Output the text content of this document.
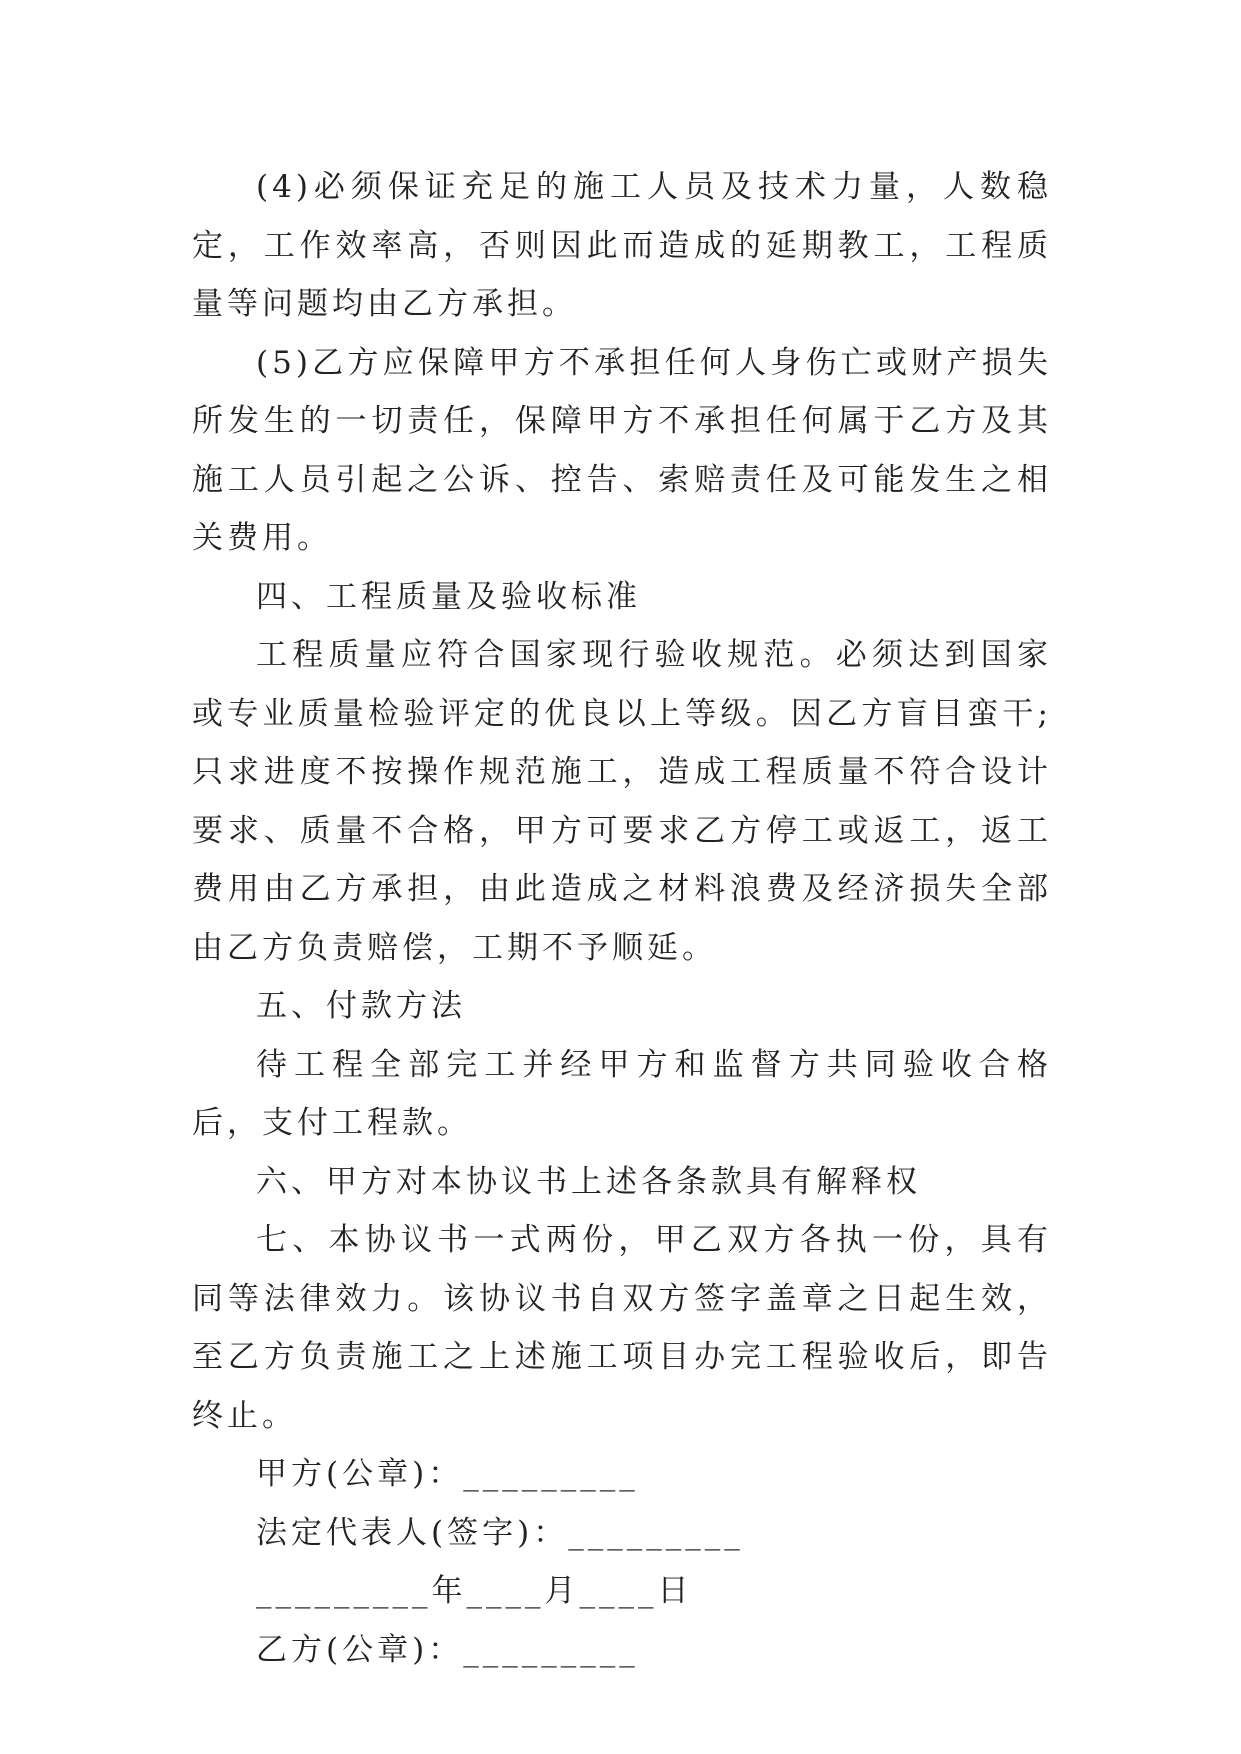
(4)必须保证充足的施工人员及技术力量，人数稳定，工作效率高，否则因此而造成的延期教工，工程质量等问题均由乙方承担。

(5)乙方应保障甲方不承担任何人身伤亡或财产损失所发生的一切责任，保障甲方不承担任何属于乙方及其施工人员引起之公诉、控告、索赔责任及可能发生之相关费用。

四、工程质量及验收标准

工程质量应符合国家现行验收规范。必须达到国家或专业质量检验评定的优良以上等级。因乙方盲目蛮干;只求进度不按操作规范施工，造成工程质量不符合设计要求、质量不合格，甲方可要求乙方停工或返工，返工费用由乙方承担，由此造成之材料浪费及经济损失全部由乙方负责赔偿，工期不予顺延。

五、付款方法

待工程全部完工并经甲方和监督方共同验收合格后，支付工程款。

六、甲方对本协议书上述各条款具有解释权

七、本协议书一式两份，甲乙双方各执一份，具有同等法律效力。该协议书自双方签字盖章之日起生效，至乙方负责施工之上述施工项目办完工程验收后，即告终止。

甲方(公章)：_________

法定代表人(签字)：_________

_________年____月____日

乙方(公章)：_________
